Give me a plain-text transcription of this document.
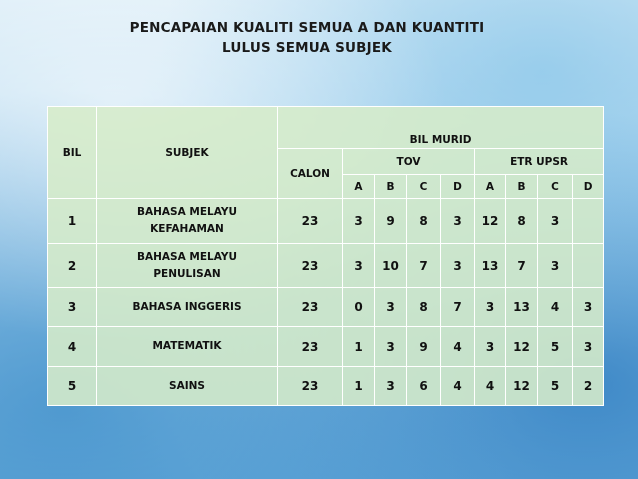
PENCAPAIAN KUALITI SEMUA A DAN KUANTITI
LULUS SEMUA SUBJEK
BIL	SUBJEK	BIL MURID								
		CALON	TOV				ETR UPSR			
			A	B	C	D	A	B	C	D
1	BAHASA MELAYU
KEFAHAMAN	23	3	9	8	3	12	8	3	
2	BAHASA MELAYU
PENULISAN	23	3	10	7	3	13	7	3	
3	BAHASA INGGERIS	23	0	3	8	7	3	13	4	3
4	MATEMATIK	23	1	3	9	4	3	12	5	3
5	SAINS	23	1	3	6	4	4	12	5	2
